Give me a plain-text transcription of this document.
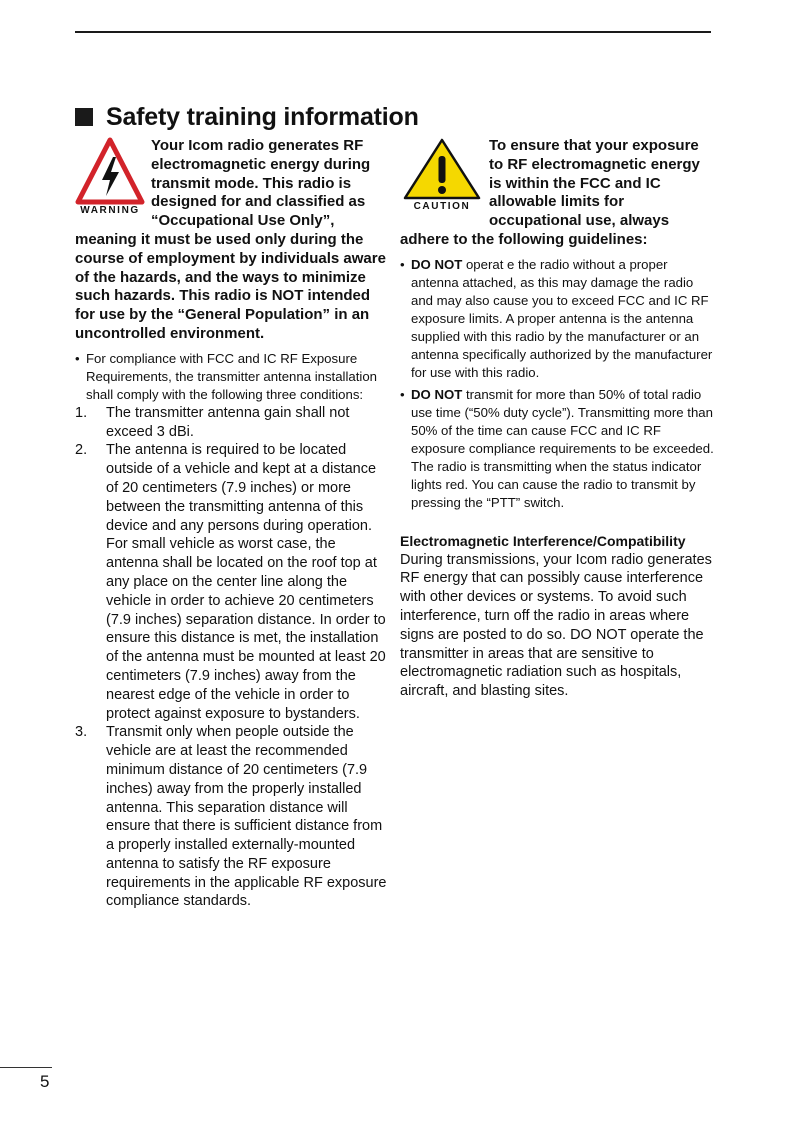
Safety training information
WARNING

Your Icom radio generates RF electromagnetic energy during transmit mode. This radio is designed for and classified as “Occupational Use Only”, meaning it must be used only during the course of employment by individuals aware of the hazards, and the ways to minimize such hazards. This radio is NOT intended for use by the “General Population” in an uncontrolled environment.

• For compliance with FCC and IC RF Exposure Requirements, the transmitter antenna installation shall comply with the following three conditions:
1. The transmitter antenna gain shall not exceed 3 dBi.
2. The antenna is required to be located outside of a vehicle and kept at a distance of 20 centimeters (7.9 inches) or more between the transmitting antenna of this device and any persons during operation. For small vehicle as worst case, the antenna shall be located on the roof top at any place on the center line along the vehicle in order to achieve 20 centimeters (7.9 inches) separation distance. In order to ensure this distance is met, the installation of the antenna must be mounted at least 20 centimeters (7.9 inches) away from the nearest edge of the vehicle in order to protect against exposure to bystanders.
3. Transmit only when people outside the vehicle are at least the recommended minimum distance of 20 centimeters (7.9 inches) away from the properly installed antenna. This separation distance will ensure that there is sufficient distance from a properly installed externally-mounted antenna to satisfy the RF exposure requirements in the applicable RF exposure compliance standards.
CAUTION

To ensure that your exposure to RF electromagnetic energy is within the FCC and IC allowable limits for occupational use, always adhere to the following guidelines:

• DO NOT operat e the radio without a proper antenna attached, as this may damage the radio and may also cause you to exceed FCC and IC RF exposure limits. A proper antenna is the antenna supplied with this radio by the manufacturer or an antenna specifically authorized by the manufacturer for use with this radio.
• DO NOT transmit for more than 50% of total radio use time (“50% duty cycle”). Transmitting more than 50% of the time can cause FCC and IC RF exposure compliance requirements to be exceeded. The radio is transmitting when the status indicator lights red. You can cause the radio to transmit by pressing the “PTT” switch.
Electromagnetic Interference/Compatibility
During transmissions, your Icom radio generates RF energy that can possibly cause interference with other devices or systems. To avoid such interference, turn off the radio in areas where signs are posted to do so. DO NOT operate the transmitter in areas that are sensitive to electromagnetic radiation such as hospitals, aircraft, and blasting sites.
5
